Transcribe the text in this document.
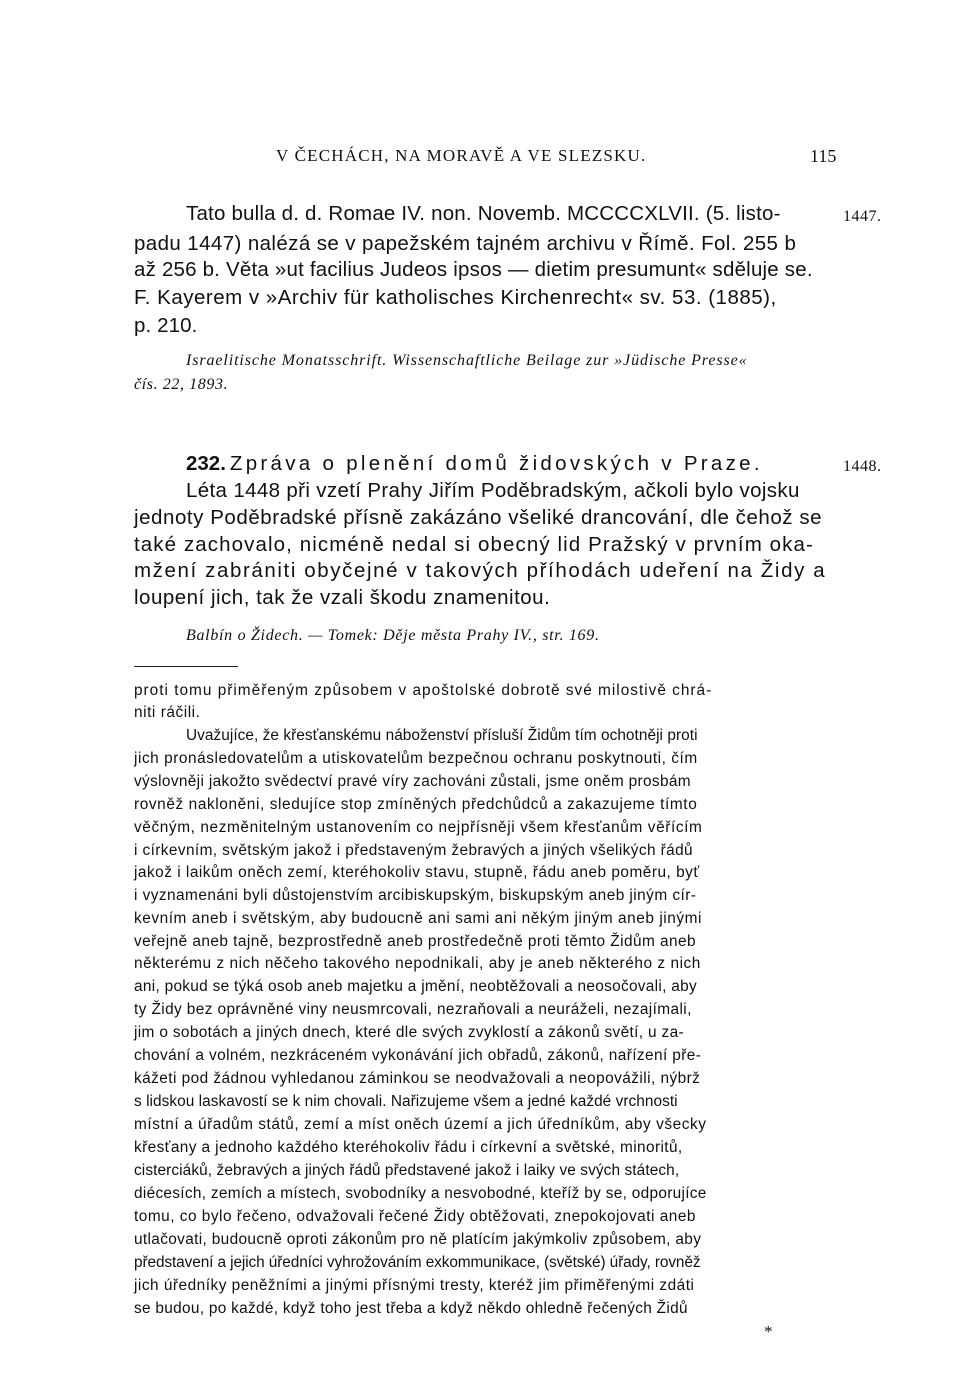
V ČECHÁCH, NA MORAVĚ A VE SLEZSKU.	115
Tato bulla d. d. Romae IV. non. Novemb. MCCCCXLVII. (5. listo-
padu 1447) nalézá se v papežském tajném archivu v Římě. Fol. 255 b
až 256 b. Věta »ut facilius Judeos ipsos — dietim presumunt« sděluje se.
F. Kayerem v »Archiv für katholisches Kirchenrecht« sv. 53. (1885),
p. 210.
1447.
Israelitische Monatsschrift. Wissenschaftliche Beilage zur »Jüdische Presse«
čís. 22, 1893.
232. Zpráva o plenění domů židovských v Praze.	1448.
Léta 1448 při vzetí Prahy Jiřím Poděbradským, ačkoli bylo vojsku
jednoty Poděbradské přísně zakázáno všeliké drancování, dle čehož se
také zachovalo, nicméně nedal si obecný lid Pražský v prvním oka-
mžení zabrániti obyčejné v takových příhodách udeření na Židy a
loupení jich, tak že vzali škodu znamenitou.
Balbín o Židech. — Tomek: Děje města Prahy IV., str. 169.
proti tomu přiměřeným způsobem v apoštolské dobrotě své milostivě chrá-
niti ráčili.
Uvažujíce, že křesťanskému náboženství přísluší Židům tím ochotněji proti
jich pronásledovatelům a utiskovatelům bezpečnou ochranu poskytnouti, čím
výslovněji jakožto svědectví pravé víry zachováni zůstali, jsme oněm prosbám
rovněž nakloněni, sledujíce stop zmíněných předchůdců a zakazujeme tímto
věčným, nezměnitelným ustanovením co nejpřísněji všem křesťanům věřícím
i církevním, světským jakož i představeným žebravých a jiných všelikých řádů
jakož i laikům oněch zemí, kteréhokoliv stavu, stupně, řádu aneb poměru, byť
i vyznamenáni byli důstojenstvím arcibiskupským, biskupským aneb jiným cír-
kevním aneb i světským, aby budoucně ani sami ani někým jiným aneb jinými
veřejně aneb tajně, bezprostředně aneb prostředečně proti těmto Židům aneb
některému z nich něčeho takového nepodnikali, aby je aneb některého z nich
ani, pokud se týká osob aneb majetku a jmění, neobtěžovali a neosočovali, aby
ty Židy bez oprávněné viny neusmrcovali, nezraňovali a neuráželi, nezajímali,
jim o sobotách a jiných dnech, které dle svých zvyklostí a zákonů světí, u za-
chování a volném, nezkráceném vykonávání jich obřadů, zákonů, nařízení pře-
kážeti pod žádnou vyhledanou záminkou se neodvažovali a neopovážili, nýbrž
s lidskou laskavostí se k nim chovali. Nařizujeme všem a jedné každé vrchnosti
místní a úřadům států, zemí a míst oněch území a jich úředníkům, aby všecky
křesťany a jednoho každého kteréhokoliv řádu i církevní a světské, minoritů,
cisterciáků, žebravých a jiných řádů představené jakož i laiky ve svých státech,
diécesích, zemích a místech, svobodníky a nesvobodné, kteříž by se, odporujíce
tomu, co bylo řečeno, odvažovali řečené Židy obtěžovati, znepokojovati aneb
utlačovati, budoucně oproti zákonům pro ně platícím jakýmkoliv způsobem, aby
představení a jejich úředníci vyhrožováním exkommunikace, (světské) úřady, rovněž
jich úředníky peněžními a jinými přísnými tresty, kteréž jim přiměřenými zdáti
se budou, po každé, když toho jest třeba a když někdo ohledně řečených Židů
*
